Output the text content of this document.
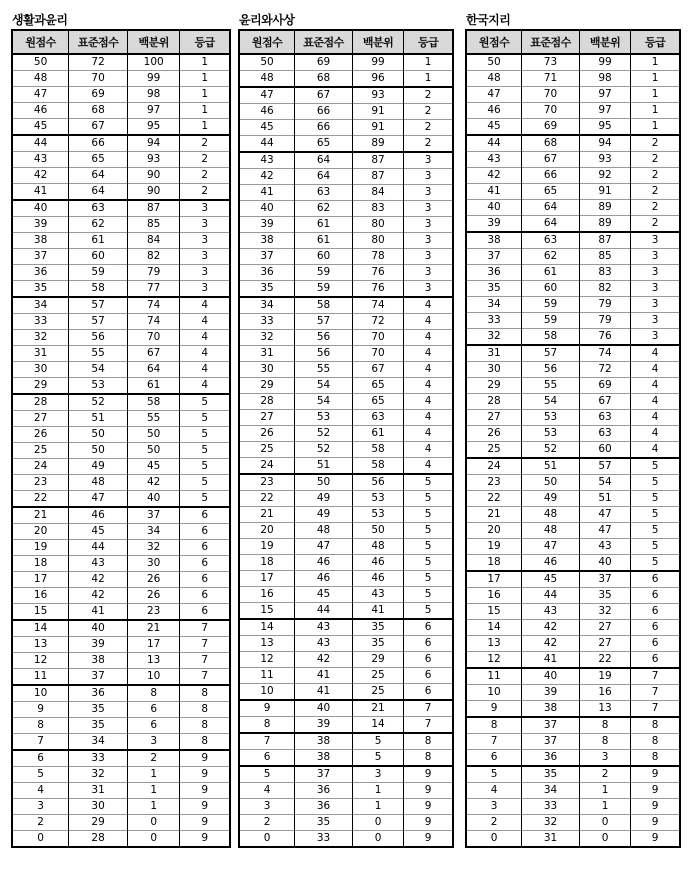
생활과윤리
원점수	표준점수	백분위	등급
50	72	100	1
48	70	99	1
47	69	98	1
46	68	97	1
45	67	95	1
44	66	94	2
43	65	93	2
42	64	90	2
41	64	90	2
40	63	87	3
39	62	85	3
38	61	84	3
37	60	82	3
36	59	79	3
35	58	77	3
34	57	74	4
33	57	74	4
32	56	70	4
31	55	67	4
30	54	64	4
29	53	61	4
28	52	58	5
27	51	55	5
26	50	50	5
25	50	50	5
24	49	45	5
23	48	42	5
22	47	40	5
21	46	37	6
20	45	34	6
19	44	32	6
18	43	30	6
17	42	26	6
16	42	26	6
15	41	23	6
14	40	21	7
13	39	17	7
12	38	13	7
11	37	10	7
10	36	8	8
9	35	6	8
8	35	6	8
7	34	3	8
6	33	2	9
5	32	1	9
4	31	1	9
3	30	1	9
2	29	0	9
0	28	0	9
윤리와사상
원점수	표준점수	백분위	등급
50	69	99	1
48	68	96	1
47	67	93	2
46	66	91	2
45	66	91	2
44	65	89	2
43	64	87	3
42	64	87	3
41	63	84	3
40	62	83	3
39	61	80	3
38	61	80	3
37	60	78	3
36	59	76	3
35	59	76	3
34	58	74	4
33	57	72	4
32	56	70	4
31	56	70	4
30	55	67	4
29	54	65	4
28	54	65	4
27	53	63	4
26	52	61	4
25	52	58	4
24	51	58	4
23	50	56	5
22	49	53	5
21	49	53	5
20	48	50	5
19	47	48	5
18	46	46	5
17	46	46	5
16	45	43	5
15	44	41	5
14	43	35	6
13	43	35	6
12	42	29	6
11	41	25	6
10	41	25	6
9	40	21	7
8	39	14	7
7	38	5	8
6	38	5	8
5	37	3	9
4	36	1	9
3	36	1	9
2	35	0	9
0	33	0	9
한국지리
원점수	표준점수	백분위	등급
50	73	99	1
48	71	98	1
47	70	97	1
46	70	97	1
45	69	95	1
44	68	94	2
43	67	93	2
42	66	92	2
41	65	91	2
40	64	89	2
39	64	89	2
38	63	87	3
37	62	85	3
36	61	83	3
35	60	82	3
34	59	79	3
33	59	79	3
32	58	76	3
31	57	74	4
30	56	72	4
29	55	69	4
28	54	67	4
27	53	63	4
26	53	63	4
25	52	60	4
24	51	57	5
23	50	54	5
22	49	51	5
21	48	47	5
20	48	47	5
19	47	43	5
18	46	40	5
17	45	37	6
16	44	35	6
15	43	32	6
14	42	27	6
13	42	27	6
12	41	22	6
11	40	19	7
10	39	16	7
9	38	13	7
8	37	8	8
7	37	8	8
6	36	3	8
5	35	2	9
4	34	1	9
3	33	1	9
2	32	0	9
0	31	0	9
